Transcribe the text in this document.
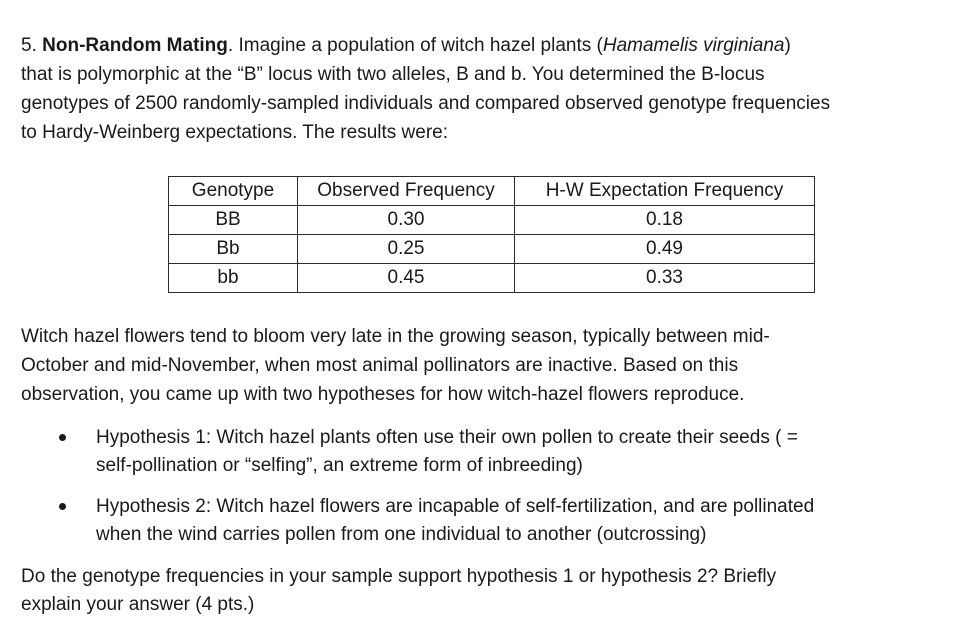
5. Non-Random Mating. Imagine a population of witch hazel plants (Hamamelis virginiana)
that is polymorphic at the “B” locus with two alleles, B and b. You determined the B-locus
genotypes of 2500 randomly-sampled individuals and compared observed genotype frequencies
to Hardy-Weinberg expectations. The results were:
Genotype	Observed Frequency	H-W Expectation Frequency
BB	0.30	0.18
Bb	0.25	0.49
bb	0.45	0.33
Witch hazel flowers tend to bloom very late in the growing season, typically between mid-
October and mid-November, when most animal pollinators are inactive. Based on this
observation, you came up with two hypotheses for how witch-hazel flowers reproduce.
Hypothesis 1: Witch hazel plants often use their own pollen to create their seeds ( =
self-pollination or “selfing”, an extreme form of inbreeding)
Hypothesis 2: Witch hazel flowers are incapable of self-fertilization, and are pollinated
when the wind carries pollen from one individual to another (outcrossing)
Do the genotype frequencies in your sample support hypothesis 1 or hypothesis 2? Briefly
explain your answer (4 pts.)
